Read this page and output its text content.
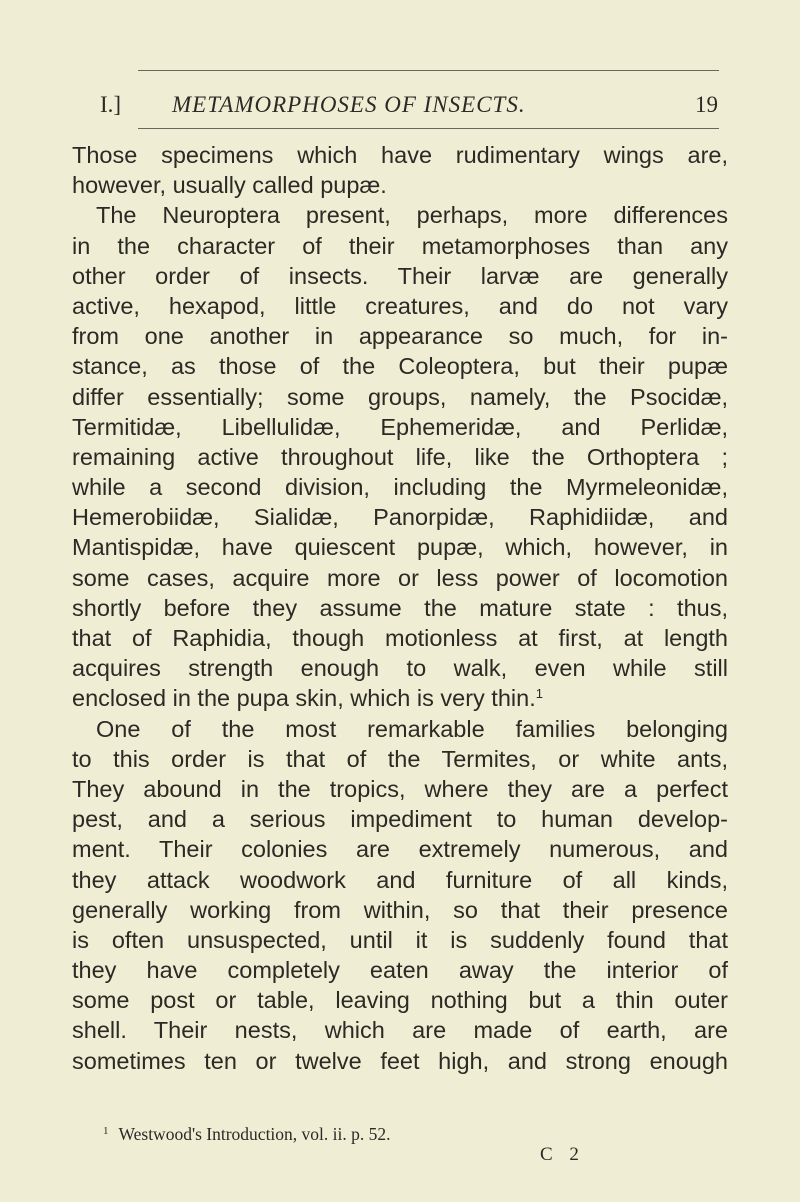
I.] METAMORPHOSES OF INSECTS.	19
Those specimens which have rudimentary wings are,
however, usually called pupæ.
The Neuroptera present, perhaps, more differences
in the character of their metamorphoses than any
other order of insects. Their larvæ are generally
active, hexapod, little creatures, and do not vary
from one another in appearance so much, for in-
stance, as those of the Coleoptera, but their pupæ
differ essentially; some groups, namely, the Psocidæ,
Termitidæ, Libellulidæ, Ephemeridæ, and Perlidæ,
remaining active throughout life, like the Orthoptera ;
while a second division, including the Myrmeleonidæ,
Hemerobiidæ, Sialidæ, Panorpidæ, Raphidiidæ, and
Mantispidæ, have quiescent pupæ, which, however, in
some cases, acquire more or less power of locomotion
shortly before they assume the mature state : thus,
that of Raphidia, though motionless at first, at length
acquires strength enough to walk, even while still
enclosed in the pupa skin, which is very thin.$^1$
One of the most remarkable families belonging
to this order is that of the Termites, or white ants,
They abound in the tropics, where they are a perfect
pest, and a serious impediment to human develop-
ment. Their colonies are extremely numerous, and
they attack woodwork and furniture of all kinds,
generally working from within, so that their presence
is often unsuspected, until it is suddenly found that
they have completely eaten away the interior of
some post or table, leaving nothing but a thin outer
shell. Their nests, which are made of earth, are
sometimes ten or twelve feet high, and strong enough
$^1$ Westwood's Introduction, vol. ii. p. 52.
C 2
